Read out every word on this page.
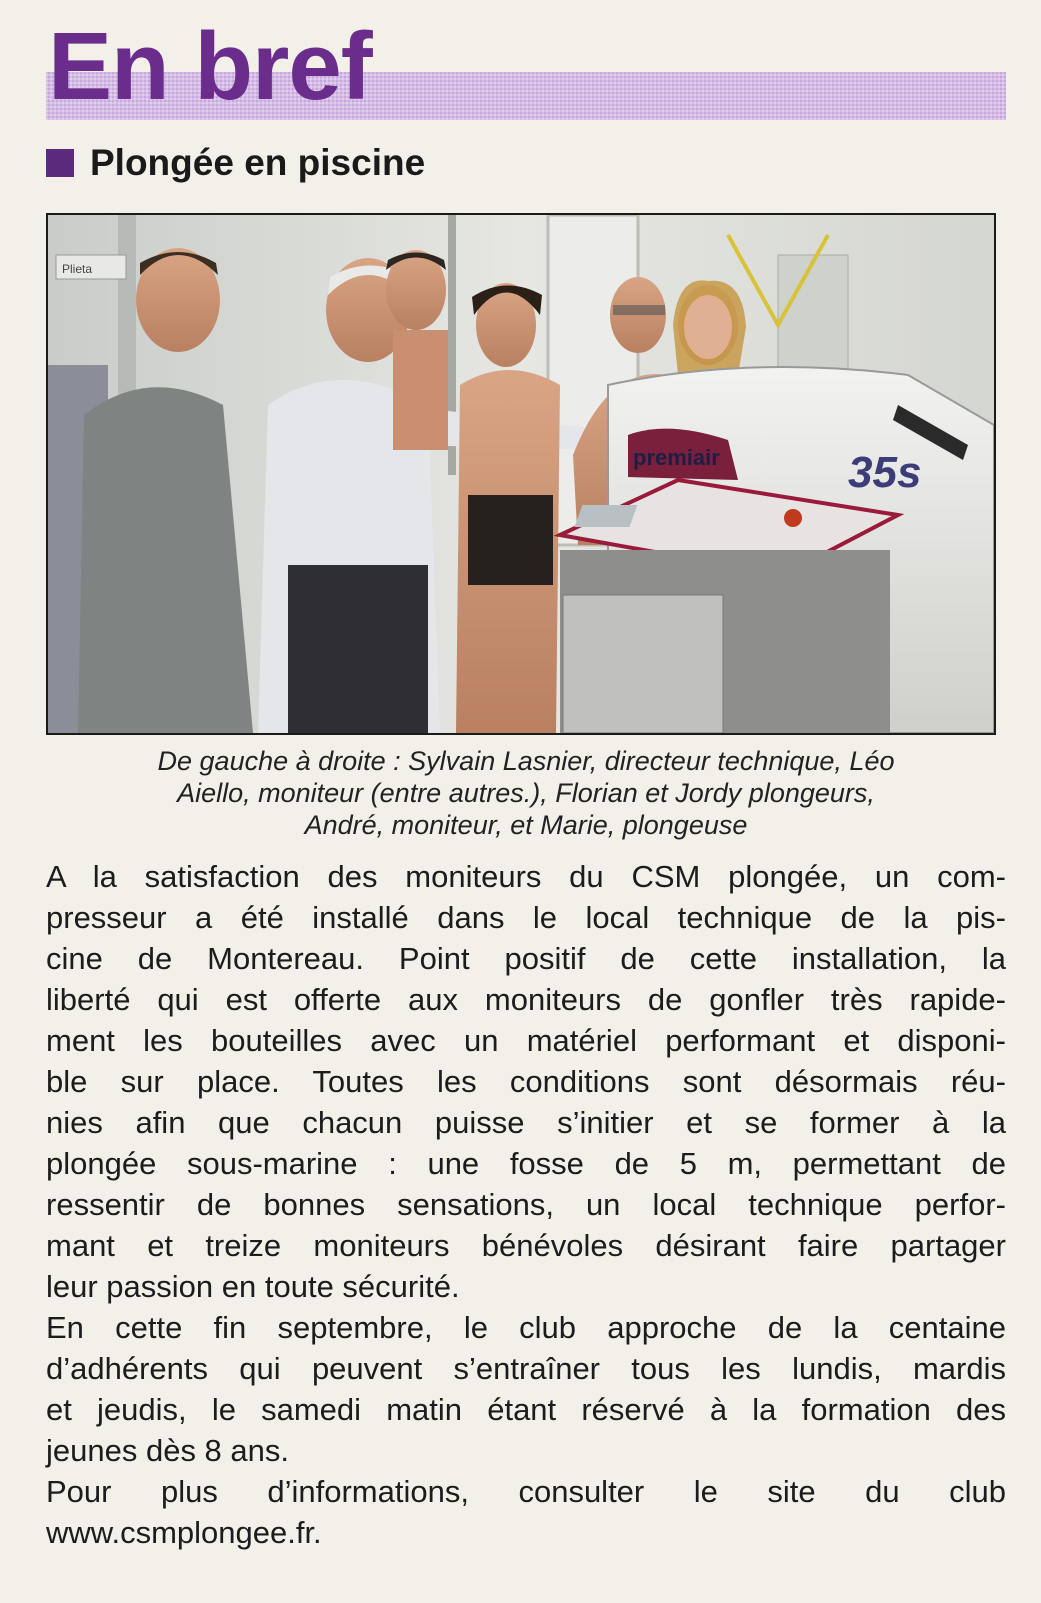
En bref
Plongée en piscine
Plieta
premiair	35s

De gauche à droite : Sylvain Lasnier, directeur technique, Léo
Aiello, moniteur (entre autres.), Florian et Jordy plongeurs,
André, moniteur, et Marie, plongeuse

A la satisfaction des moniteurs du CSM plongée, un com-
presseur a été installé dans le local technique de la pis-
cine de Montereau. Point positif de cette installation, la
liberté qui est offerte aux moniteurs de gonfler très rapide-
ment les bouteilles avec un matériel performant et disponi-
ble sur place. Toutes les conditions sont désormais réu-
nies afin que chacun puisse s’initier et se former à la
plongée sous-marine : une fosse de 5 m, permettant de
ressentir de bonnes sensations, un local technique perfor-
mant et treize moniteurs bénévoles désirant faire partager
leur passion en toute sécurité.
En cette fin septembre, le club approche de la centaine
d’adhérents qui peuvent s’entraîner tous les lundis, mardis
et jeudis, le samedi matin étant réservé à la formation des
jeunes dès 8 ans.
Pour plus d’informations, consulter le site du club
www.csmplongee.fr.
